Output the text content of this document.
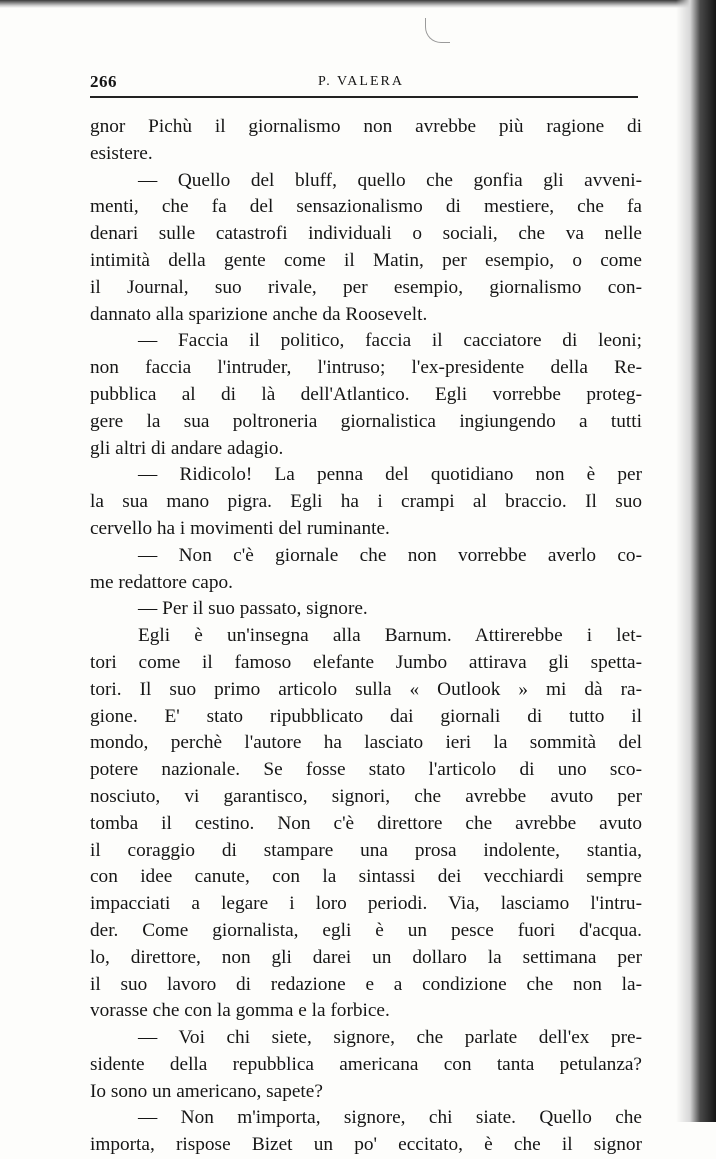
266	P. VALERA
gnor Pichù il giornalismo non avrebbe più ragione di
esistere.
— Quello del bluff, quello che gonfia gli avveni-
menti, che fa del sensazionalismo di mestiere, che fa
denari sulle catastrofi individuali o sociali, che va nelle
intimità della gente come il Matin, per esempio, o come
il Journal, suo rivale, per esempio, giornalismo con-
dannato alla sparizione anche da Roosevelt.
— Faccia il politico, faccia il cacciatore di leoni;
non faccia l'intruder, l'intruso; l'ex-presidente della Re-
pubblica al di là dell'Atlantico. Egli vorrebbe proteg-
gere la sua poltroneria giornalistica ingiungendo a tutti
gli altri di andare adagio.
— Ridicolo! La penna del quotidiano non è per
la sua mano pigra. Egli ha i crampi al braccio. Il suo
cervello ha i movimenti del ruminante.
— Non c'è giornale che non vorrebbe averlo co-
me redattore capo.
— Per il suo passato, signore.
Egli è un'insegna alla Barnum. Attirerebbe i let-
tori come il famoso elefante Jumbo attirava gli spetta-
tori. Il suo primo articolo sulla « Outlook » mi dà ra-
gione. E' stato ripubblicato dai giornali di tutto il
mondo, perchè l'autore ha lasciato ieri la sommità del
potere nazionale. Se fosse stato l'articolo di uno sco-
nosciuto, vi garantisco, signori, che avrebbe avuto per
tomba il cestino. Non c'è direttore che avrebbe avuto
il coraggio di stampare una prosa indolente, stantia,
con idee canute, con la sintassi dei vecchiardi sempre
impacciati a legare i loro periodi. Via, lasciamo l'intru-
der. Come giornalista, egli è un pesce fuori d'acqua.
lo, direttore, non gli darei un dollaro la settimana per
il suo lavoro di redazione e a condizione che non la-
vorasse che con la gomma e la forbice.
— Voi chi siete, signore, che parlate dell'ex pre-
sidente della repubblica americana con tanta petulanza?
Io sono un americano, sapete?
— Non m'importa, signore, chi siate. Quello che
importa, rispose Bizet un po' eccitato, è che il signor
